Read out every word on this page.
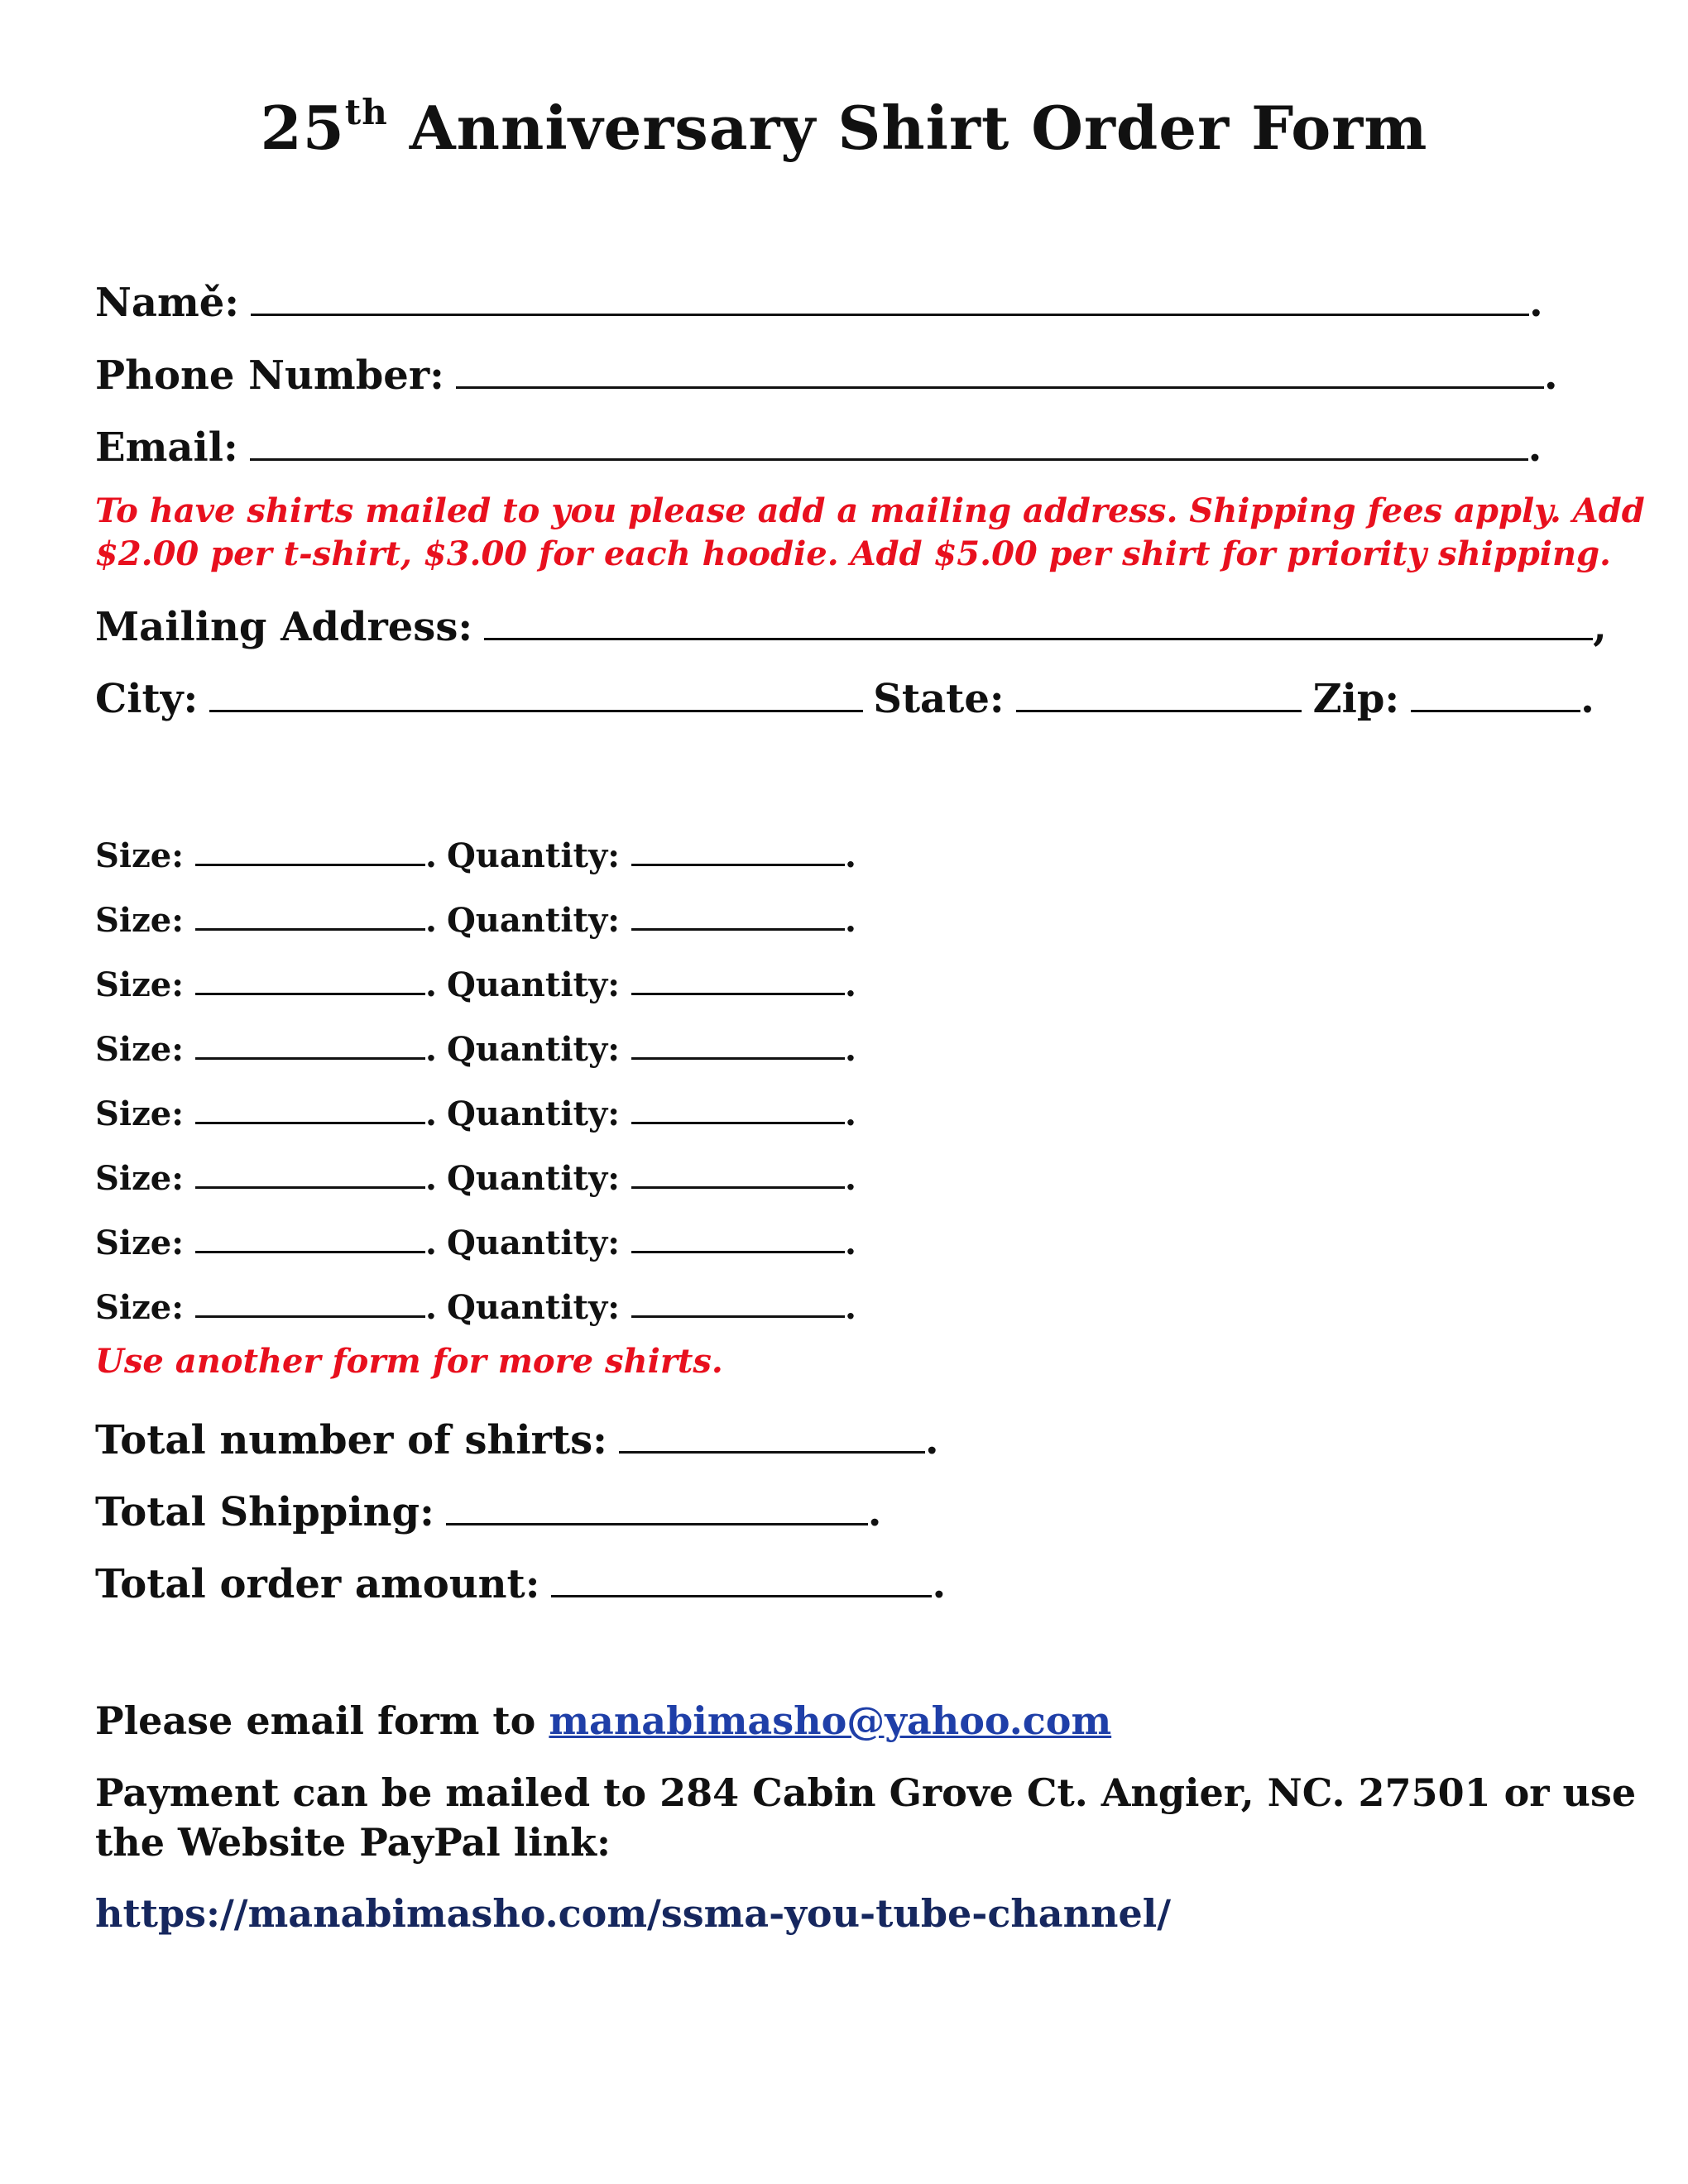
25th Anniversary Shirt Order Form
Namě:	.
Phone Number:	.
Email:	.
To have shirts mailed to you please add a mailing address. Shipping fees apply. Add
$2.00 per t-shirt, $3.00 for each hoodie. Add $5.00 per shirt for priority shipping.
Mailing Address:	,
City:	State:	Zip:	.
Size:	. Quantity:	.
Size:	. Quantity:	.
Size:	. Quantity:	.
Size:	. Quantity:	.
Size:	. Quantity:	.
Size:	. Quantity:	.
Size:	. Quantity:	.
Size:	. Quantity:	.
Use another form for more shirts.
Total number of shirts:	.
Total Shipping:	.
Total order amount:	.
Please email form to manabimasho@yahoo.com
Payment can be mailed to 284 Cabin Grove Ct. Angier, NC. 27501 or use
the Website PayPal link:
https://manabimasho.com/ssma-you-tube-channel/
